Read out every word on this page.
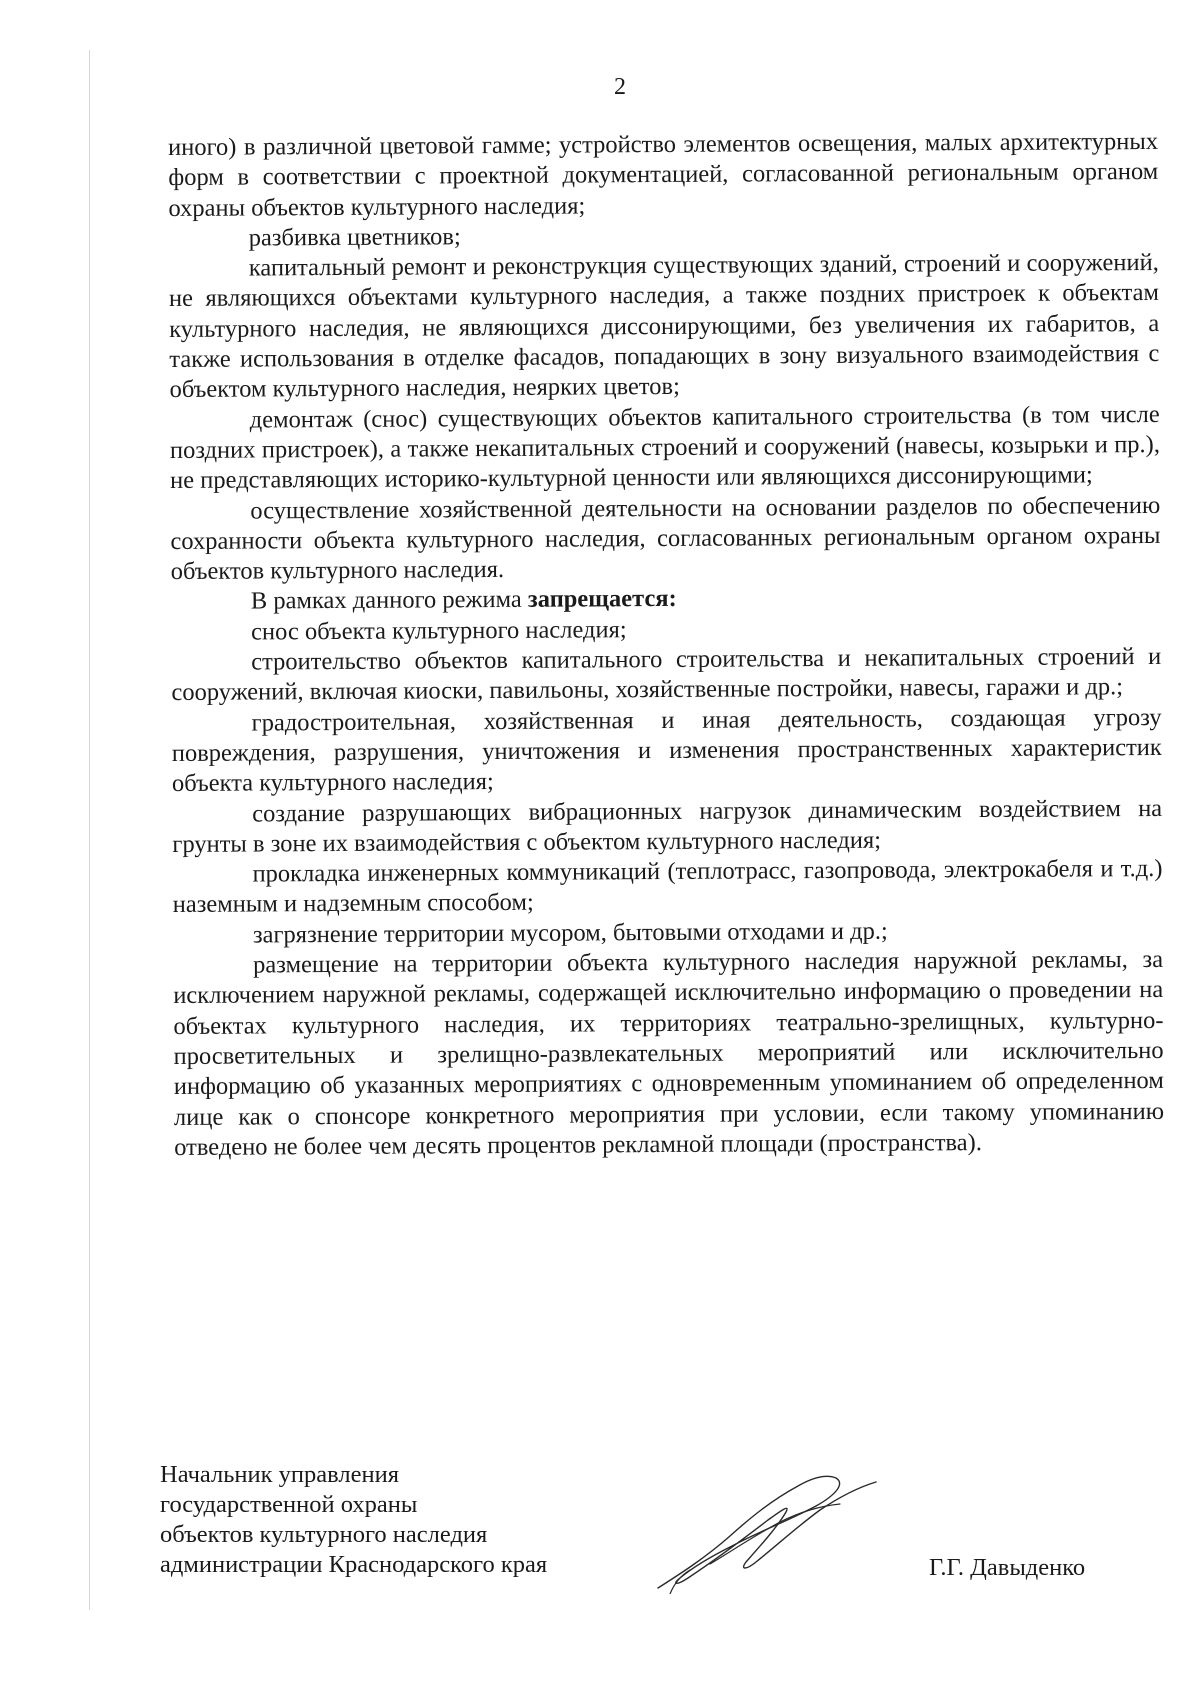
2

иного) в различной цветовой гамме; устройство элементов освещения, малых архитектурных форм в соответствии с проектной документацией, согласованной региональным органом охраны объектов культурного наследия;

разбивка цветников;

капитальный ремонт и реконструкция существующих зданий, строений и сооружений, не являющихся объектами культурного наследия, а также поздних пристроек к объектам культурного наследия, не являющихся диссонирующими, без увеличения их габаритов, а также использования в отделке фасадов, попадающих в зону визуального взаимодействия с объектом культурного наследия, неярких цветов;

демонтаж (снос) существующих объектов капитального строительства (в том числе поздних пристроек), а также некапитальных строений и сооружений (навесы, козырьки и пр.), не представляющих историко-культурной ценности или являющихся диссонирующими;

осуществление хозяйственной деятельности на основании разделов по обеспечению сохранности объекта культурного наследия, согласованных региональным органом охраны объектов культурного наследия.

В рамках данного режима запрещается:

снос объекта культурного наследия;

строительство объектов капитального строительства и некапитальных строений и сооружений, включая киоски, павильоны, хозяйственные постройки, навесы, гаражи и др.;

градостроительная, хозяйственная и иная деятельность, создающая угрозу повреждения, разрушения, уничтожения и изменения пространственных характеристик объекта культурного наследия;

создание разрушающих вибрационных нагрузок динамическим воздействием на грунты в зоне их взаимодействия с объектом культурного наследия;

прокладка инженерных коммуникаций (теплотрасс, газопровода, электрокабеля и т.д.) наземным и надземным способом;

загрязнение территории мусором, бытовыми отходами и др.;

размещение на территории объекта культурного наследия наружной рекламы, за исключением наружной рекламы, содержащей исключительно информацию о проведении на объектах культурного наследия, их территориях театрально-зрелищных, культурно-просветительных и зрелищно-развлекательных мероприятий или исключительно информацию об указанных мероприятиях с одновременным упоминанием об определенном лице как о спонсоре конкретного мероприятия при условии, если такому упоминанию отведено не более чем десять процентов рекламной площади (пространства).

Начальник управления
государственной охраны
объектов культурного наследия
администрации Краснодарского края	Г.Г. Давыденко
